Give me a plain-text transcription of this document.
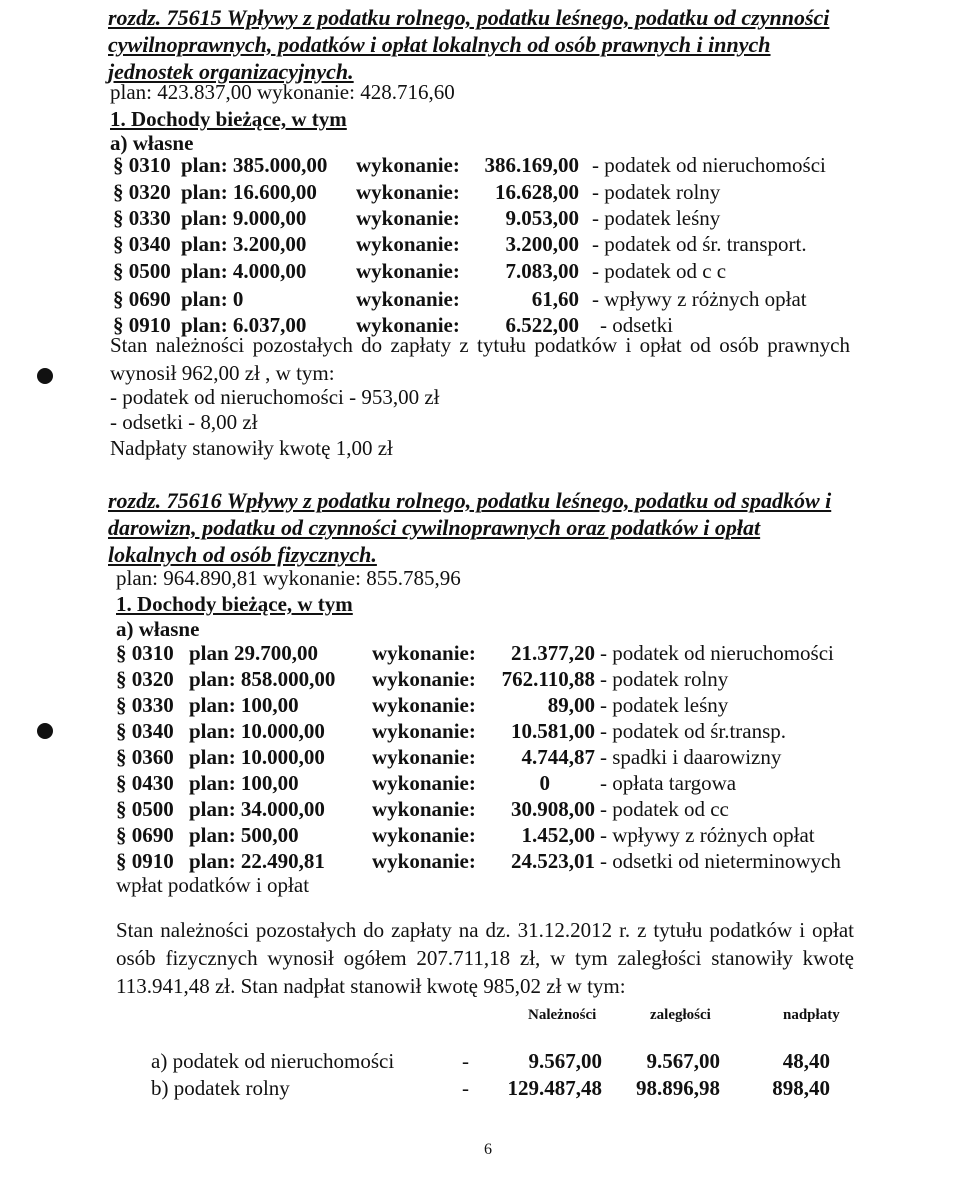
rozdz. 75615 Wpływy z podatku rolnego, podatku leśnego, podatku od czynności cywilnoprawnych, podatków i opłat lokalnych od osób prawnych i innych jednostek organizacyjnych.
plan: 423.837,00 wykonanie: 428.716,60
1. Dochody bieżące, w tym
a) własne
§ 0310 plan: 385.000,00 wykonanie:	386.169,00 - podatek od nieruchomości
§ 0320 plan: 16.600,00 wykonanie:	16.628,00 - podatek rolny
§ 0330 plan: 9.000,00 wykonanie:	9.053,00 - podatek leśny
§ 0340 plan: 3.200,00 wykonanie:	3.200,00 - podatek od śr. transport.
§ 0500 plan: 4.000,00 wykonanie:	7.083,00 - podatek od c c
§ 0690 plan: 0	wykonanie:	61,60 - wpływy z różnych opłat
§ 0910 plan: 6.037,00 wykonanie:	6.522,00 - odsetki
Stan należności pozostałych do zapłaty z tytułu podatków i opłat od osób prawnych wynosił 962,00 zł , w tym:
- podatek od nieruchomości - 953,00 zł
- odsetki - 8,00 zł
Nadpłaty stanowiły kwotę 1,00 zł
rozdz. 75616 Wpływy z podatku rolnego, podatku leśnego, podatku od spadków i darowizn, podatku od czynności cywilnoprawnych oraz podatków i opłat lokalnych od osób fizycznych.
plan: 964.890,81 wykonanie: 855.785,96
1. Dochody bieżące, w tym
a) własne
§ 0310 plan 29.700,00	wykonanie:	21.377,20 - podatek od nieruchomości
§ 0320 plan: 858.000,00 wykonanie:	762.110,88 - podatek rolny
§ 0330 plan: 100,00	wykonanie:	89,00 - podatek leśny
§ 0340 plan: 10.000,00 wykonanie:	10.581,00 - podatek od śr.transp.
§ 0360 plan: 10.000,00 wykonanie:	4.744,87 - spadki i daarowizny
§ 0430 plan: 100,00	wykonanie:	0 - opłata targowa
§ 0500 plan: 34.000,00 wykonanie:	30.908,00 - podatek od cc
§ 0690 plan: 500,00	wykonanie:	1.452,00 - wpływy z różnych opłat
§ 0910 plan: 22.490,81 wykonanie:	24.523,01 - odsetki od nieterminowych
wpłat podatków i opłat
Stan należności pozostałych do zapłaty na dz. 31.12.2012 r. z tytułu podatków i opłat osób fizycznych wynosił ogółem 207.711,18 zł, w tym zaległości stanowiły kwotę 113.941,48 zł. Stan nadpłat stanowił kwotę 985,02 zł w tym:
Należności	zaległości	nadpłaty
a) podatek od nieruchomości	-	9.567,00	9.567,00	48,40
b) podatek rolny	-	129.487,48	98.896,98	898,40
6
